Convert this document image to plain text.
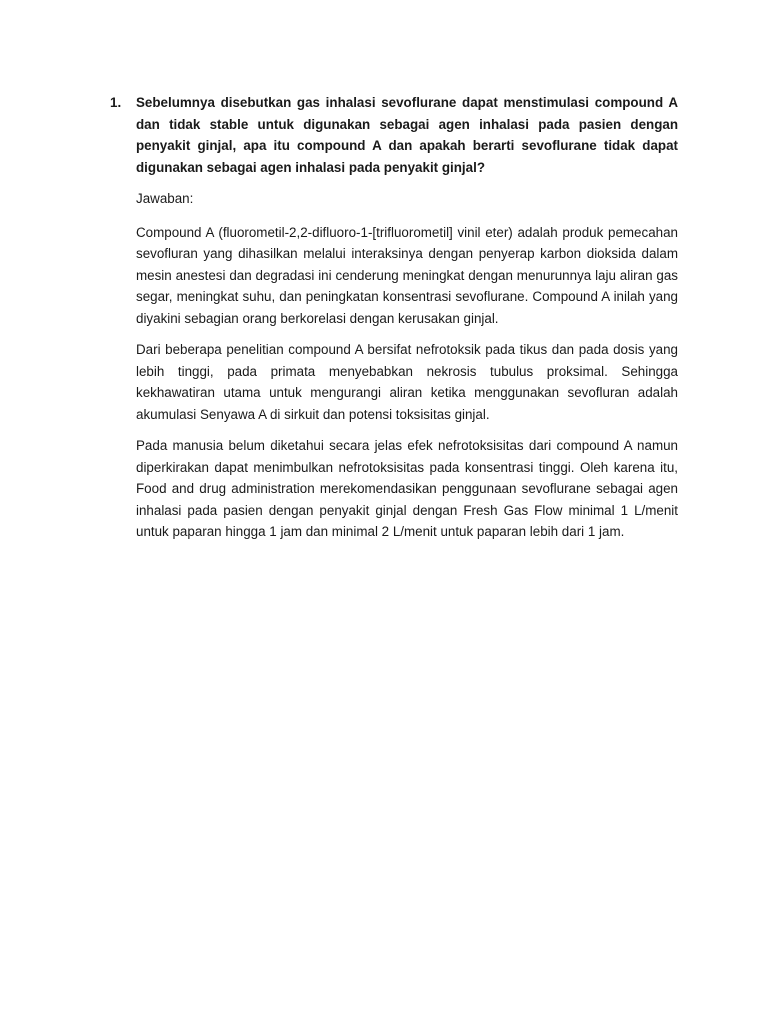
1. Sebelumnya disebutkan gas inhalasi sevoflurane dapat menstimulasi compound A dan tidak stable untuk digunakan sebagai agen inhalasi pada pasien dengan penyakit ginjal, apa itu compound A dan apakah berarti sevoflurane tidak dapat digunakan sebagai agen inhalasi pada penyakit ginjal?

Jawaban:

Compound A (fluorometil-2,2-difluoro-1-[trifluorometil] vinil eter) adalah produk pemecahan sevofluran yang dihasilkan melalui interaksinya dengan penyerap karbon dioksida dalam mesin anestesi dan degradasi ini cenderung meningkat dengan menurunnya laju aliran gas segar, meningkat suhu, dan peningkatan konsentrasi sevoflurane. Compound A inilah yang diyakini sebagian orang berkorelasi dengan kerusakan ginjal.

Dari beberapa penelitian compound A bersifat nefrotoksik pada tikus dan pada dosis yang lebih tinggi, pada primata menyebabkan nekrosis tubulus proksimal. Sehingga kekhawatiran utama untuk mengurangi aliran ketika menggunakan sevofluran adalah akumulasi Senyawa A di sirkuit dan potensi toksisitas ginjal.

Pada manusia belum diketahui secara jelas efek nefrotoksisitas dari compound A namun diperkirakan dapat menimbulkan nefrotoksisitas pada konsentrasi tinggi. Oleh karena itu, Food and drug administration merekomendasikan penggunaan sevoflurane sebagai agen inhalasi pada pasien dengan penyakit ginjal dengan Fresh Gas Flow minimal 1 L/menit untuk paparan hingga 1 jam dan minimal 2 L/menit untuk paparan lebih dari 1 jam.
